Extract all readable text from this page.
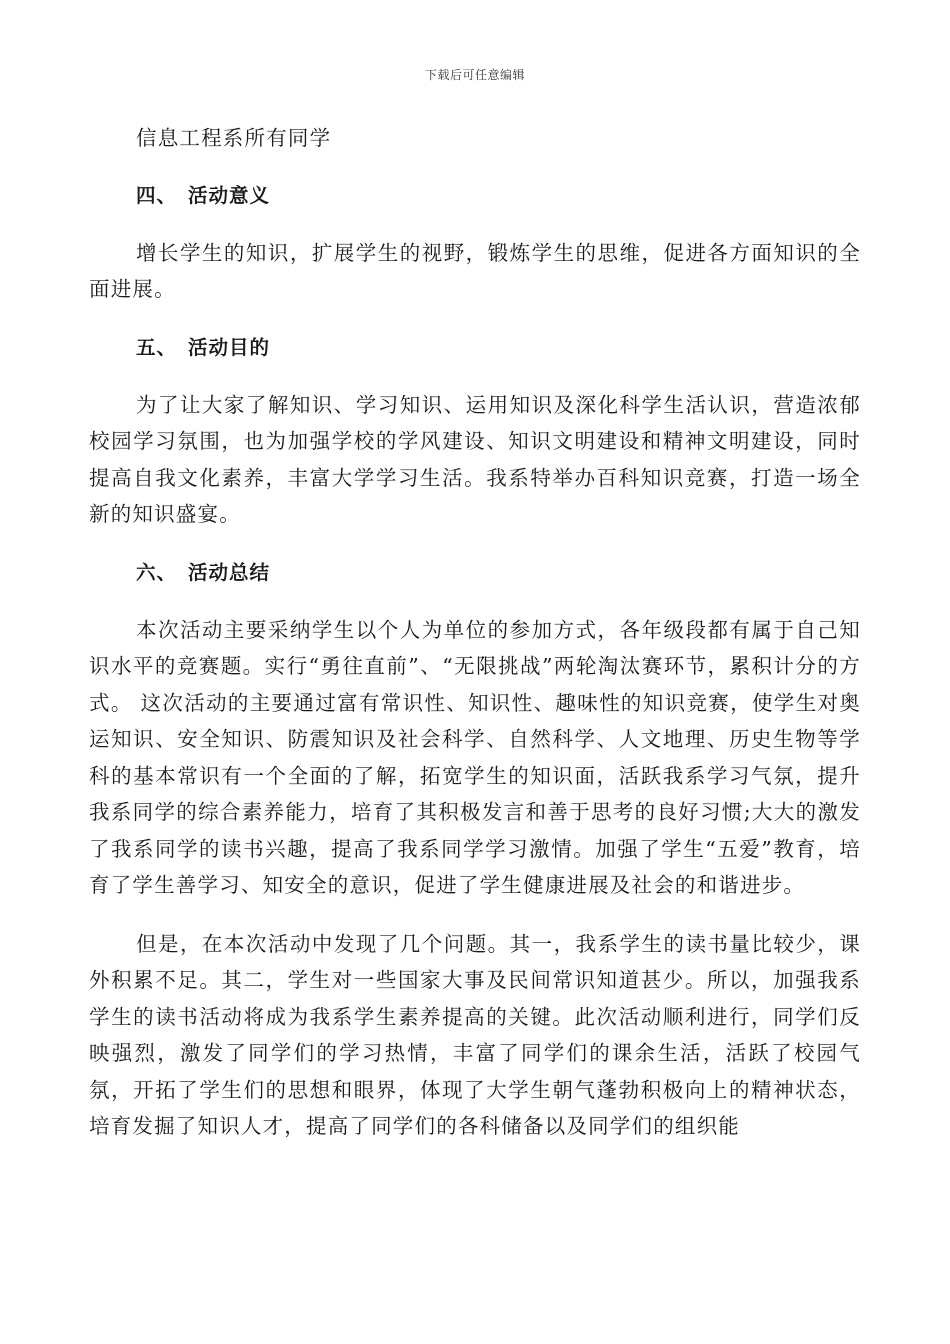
下载后可任意编辑

信息工程系所有同学

四、 活动意义

增长学生的知识，扩展学生的视野，锻炼学生的思维，促进各方面知识的全面进展。

五、 活动目的

为了让大家了解知识、学习知识、运用知识及深化科学生活认识，营造浓郁校园学习氛围，也为加强学校的学风建设、知识文明建设和精神文明建设，同时提高自我文化素养，丰富大学学习生活。我系特举办百科知识竞赛，打造一场全新的知识盛宴。

六、 活动总结

本次活动主要采纳学生以个人为单位的参加方式，各年级段都有属于自己知识水平的竞赛题。实行“勇往直前”、“无限挑战”两轮淘汰赛环节，累积计分的方式。 这次活动的主要通过富有常识性、知识性、趣味性的知识竞赛，使学生对奥运知识、安全知识、防震知识及社会科学、自然科学、人文地理、历史生物等学科的基本常识有一个全面的了解，拓宽学生的知识面，活跃我系学习气氛，提升我系同学的综合素养能力，培育了其积极发言和善于思考的良好习惯;大大的激发了我系同学的读书兴趣，提高了我系同学学习激情。加强了学生“五爱”教育，培育了学生善学习、知安全的意识，促进了学生健康进展及社会的和谐进步。

但是，在本次活动中发现了几个问题。其一，我系学生的读书量比较少，课外积累不足。其二，学生对一些国家大事及民间常识知道甚少。所以，加强我系学生的读书活动将成为我系学生素养提高的关键。此次活动顺利进行，同学们反映强烈，激发了同学们的学习热情，丰富了同学们的课余生活，活跃了校园气氛，开拓了学生们的思想和眼界，体现了大学生朝气蓬勃积极向上的精神状态，培育发掘了知识人才，提高了同学们的各科储备以及同学们的组织能
